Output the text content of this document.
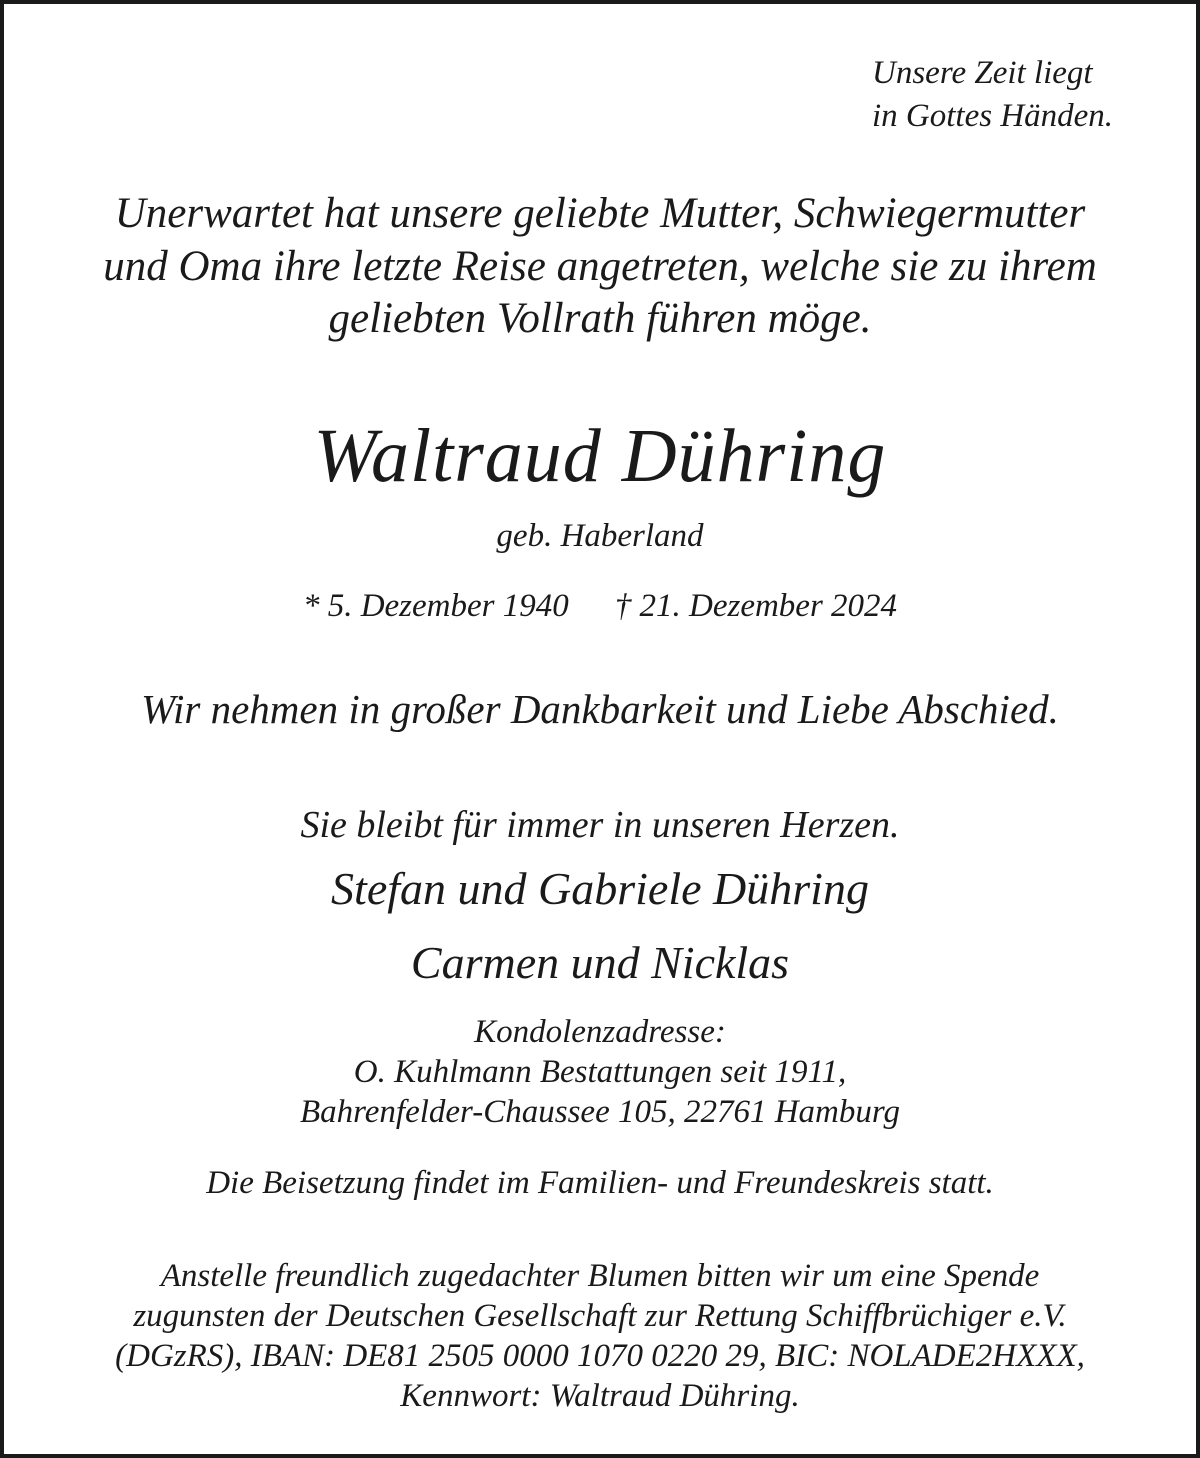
Unsere Zeit liegt
in Gottes Händen.
Unerwartet hat unsere geliebte Mutter, Schwiegermutter
und Oma ihre letzte Reise angetreten, welche sie zu ihrem
geliebten Vollrath führen möge.
Waltraud Dühring
geb. Haberland
* 5. Dezember 1940 † 21. Dezember 2024
Wir nehmen in großer Dankbarkeit und Liebe Abschied.
Sie bleibt für immer in unseren Herzen.
Stefan und Gabriele Dühring
Carmen und Nicklas
Kondolenzadresse:
O. Kuhlmann Bestattungen seit 1911,
Bahrenfelder-Chaussee 105, 22761 Hamburg
Die Beisetzung findet im Familien- und Freundeskreis statt.
Anstelle freundlich zugedachter Blumen bitten wir um eine Spende
zugunsten der Deutschen Gesellschaft zur Rettung Schiffbrüchiger e.V.
(DGzRS), IBAN: DE81 2505 0000 1070 0220 29, BIC: NOLADE2HXXX,
Kennwort: Waltraud Dühring.
